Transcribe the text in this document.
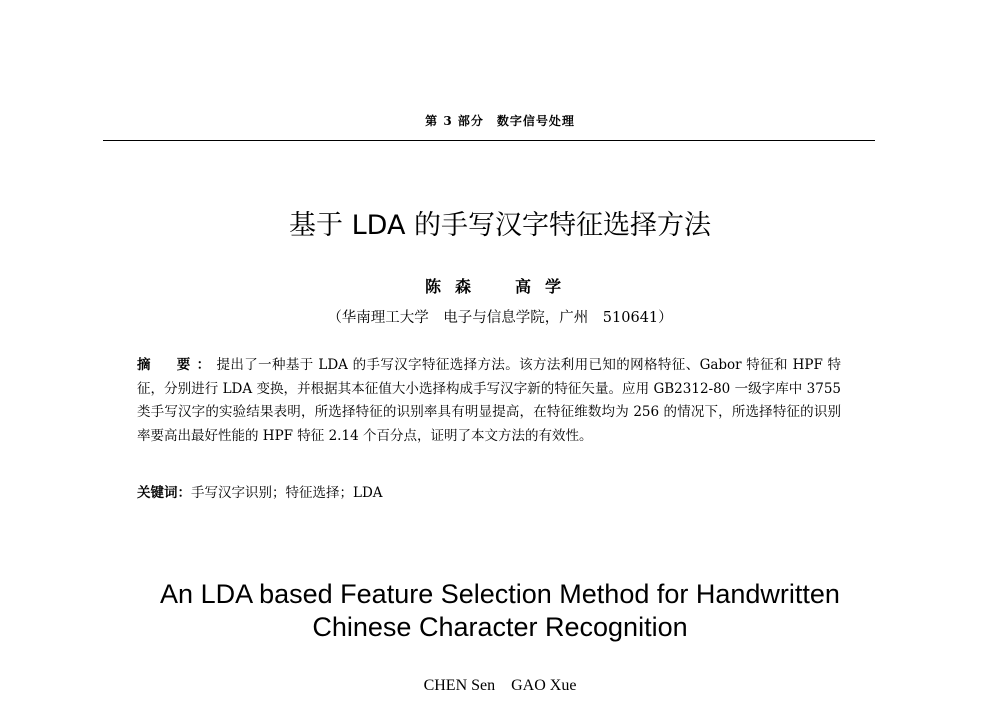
第 3 部分　数字信号处理
基于 LDA 的手写汉字特征选择方法
陈森　高学
（华南理工大学　电子与信息学院，广州　510641）

摘　要：提出了一种基于 LDA 的手写汉字特征选择方法。该方法利用已知的网格特征、Gabor 特征和 HPF 特征，分别进行 LDA 变换，并根据其本征值大小选择构成手写汉字新的特征矢量。应用 GB2312-80 一级字库中 3755 类手写汉字的实验结果表明，所选择特征的识别率具有明显提高，在特征维数均为 256 的情况下，所选择特征的识别率要高出最好性能的 HPF 特征 2.14 个百分点，证明了本文方法的有效性。

关键词：手写汉字识别；特征选择；LDA
An LDA based Feature Selection Method for Handwritten
Chinese Character Recognition
CHEN Sen    GAO Xue
